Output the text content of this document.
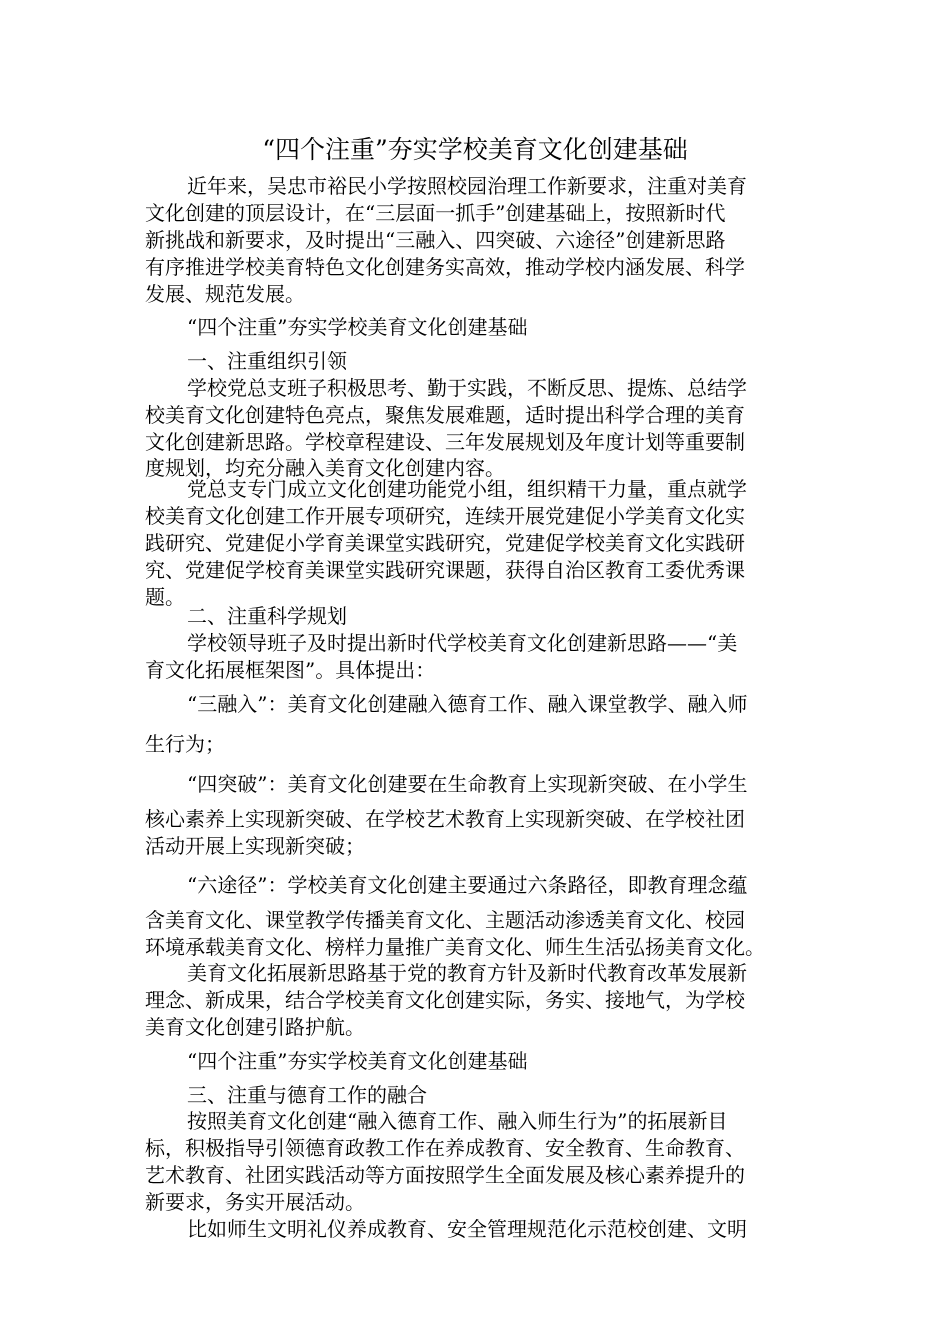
“四个注重”夯实学校美育文化创建基础
近年来，吴忠市裕民小学按照校园治理工作新要求，注重对美育
文化创建的顶层设计，在“三层面一抓手”创建基础上，按照新时代
新挑战和新要求，及时提出“三融入、四突破、六途径”创建新思路
有序推进学校美育特色文化创建务实高效，推动学校内涵发展、科学
发展、规范发展。
“四个注重”夯实学校美育文化创建基础
一、注重组织引领
学校党总支班子积极思考、勤于实践，不断反思、提炼、总结学
校美育文化创建特色亮点，聚焦发展难题，适时提出科学合理的美育
文化创建新思路。学校章程建设、三年发展规划及年度计划等重要制
度规划，均充分融入美育文化创建内容。
党总支专门成立文化创建功能党小组，组织精干力量，重点就学
校美育文化创建工作开展专项研究，连续开展党建促小学美育文化实
践研究、党建促小学育美课堂实践研究，党建促学校美育文化实践研
究、党建促学校育美课堂实践研究课题，获得自治区教育工委优秀课
题。
二、注重科学规划
学校领导班子及时提出新时代学校美育文化创建新思路——“美
育文化拓展框架图”。具体提出：
“三融入”：美育文化创建融入德育工作、融入课堂教学、融入师
生行为；
“四突破”：美育文化创建要在生命教育上实现新突破、在小学生
核心素养上实现新突破、在学校艺术教育上实现新突破、在学校社团
活动开展上实现新突破；
“六途径”：学校美育文化创建主要通过六条路径，即教育理念蕴
含美育文化、课堂教学传播美育文化、主题活动渗透美育文化、校园
环境承载美育文化、榜样力量推广美育文化、师生生活弘扬美育文化。
美育文化拓展新思路基于党的教育方针及新时代教育改革发展新
理念、新成果，结合学校美育文化创建实际，务实、接地气，为学校
美育文化创建引路护航。
“四个注重”夯实学校美育文化创建基础
三、注重与德育工作的融合
按照美育文化创建“融入德育工作、融入师生行为”的拓展新目
标，积极指导引领德育政教工作在养成教育、安全教育、生命教育、
艺术教育、社团实践活动等方面按照学生全面发展及核心素养提升的
新要求，务实开展活动。
比如师生文明礼仪养成教育、安全管理规范化示范校创建、文明
